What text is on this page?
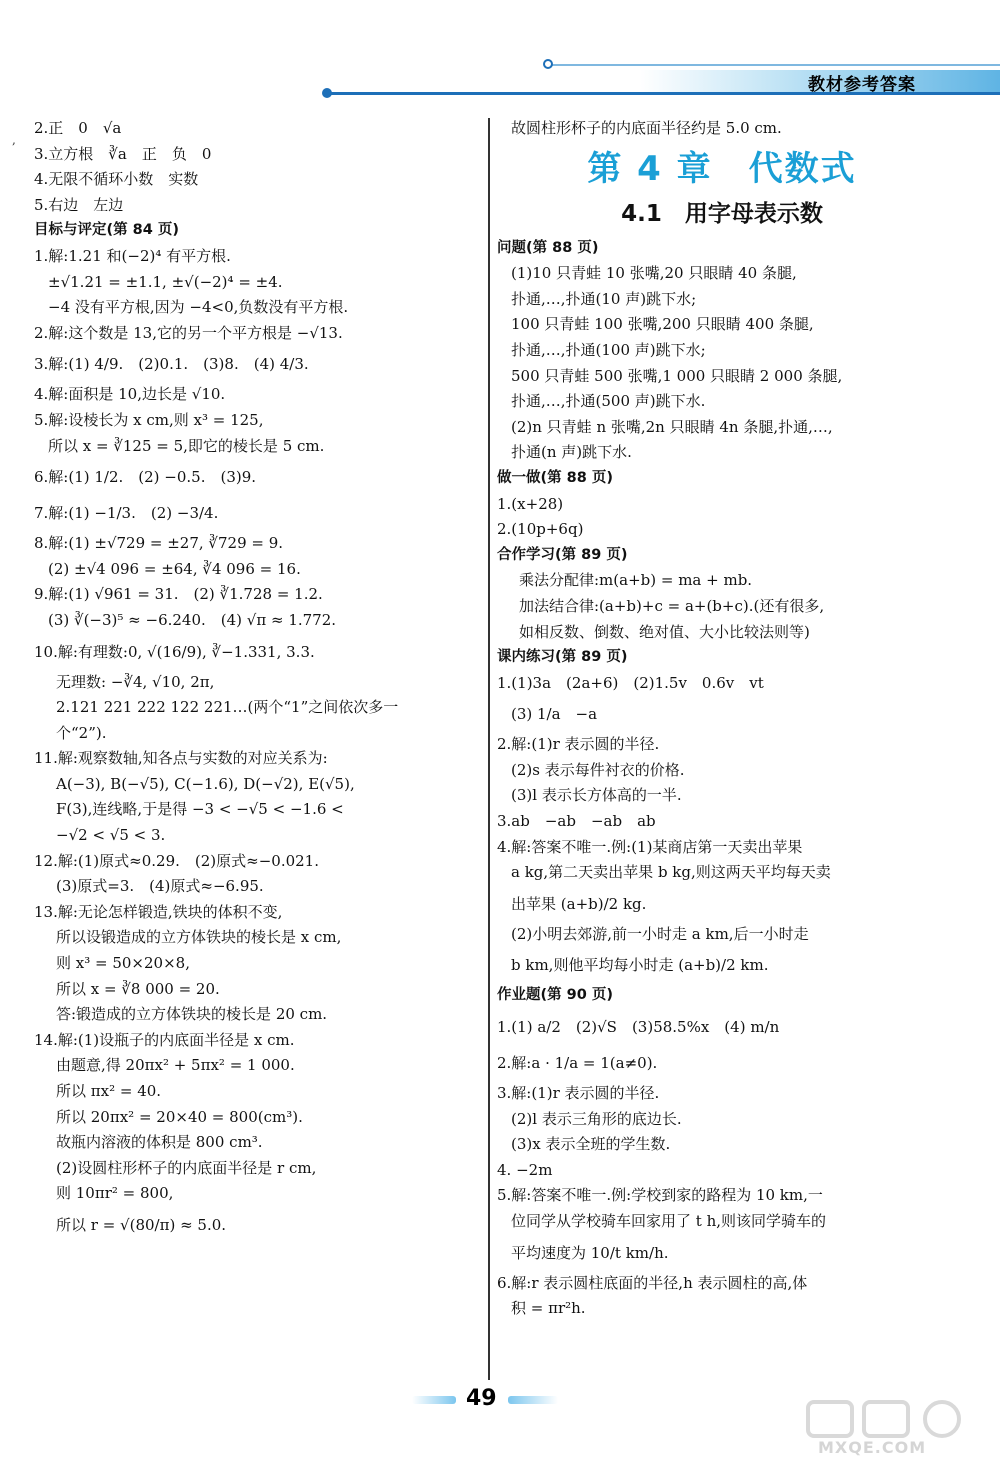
教材参考答案
,
2.正　0　√a
3.立方根　∛a　正　负　0
4.无限不循环小数　实数
5.右边　左边
目标与评定(第 84 页)
1.解:1.21 和(−2)⁴ 有平方根.
±√1.21 = ±1.1, ±√(−2)⁴ = ±4.
−4 没有平方根,因为 −4<0,负数没有平方根.
2.解:这个数是 13,它的另一个平方根是 −√13.
3.解:(1) 4/9.　(2)0.1.　(3)8.　(4) 4/3.
4.解:面积是 10,边长是 √10.
5.解:设棱长为 x cm,则 x³ = 125,
所以 x = ∛125 = 5,即它的棱长是 5 cm.
6.解:(1) 1/2.　(2) −0.5.　(3)9.
7.解:(1) −1/3.　(2) −3/4.
8.解:(1) ±√729 = ±27, ∛729 = 9.
(2) ±√4 096 = ±64, ∛4 096 = 16.
9.解:(1) √961 = 31.　(2) ∛1.728 = 1.2.
(3) ∛(−3)⁵ ≈ −6.240.　(4) √π ≈ 1.772.
10.解:有理数:0, √(16/9), ∛−1.331, 3.3.
无理数: −∛4, √10, 2π,
2.121 221 222 122 221…(两个“1”之间依次多一
个“2”).
11.解:观察数轴,知各点与实数的对应关系为:
A(−3), B(−√5), C(−1.6), D(−√2), E(√5),
F(3),连线略,于是得 −3 < −√5 < −1.6 <
−√2 < √5 < 3.
12.解:(1)原式≈0.29.　(2)原式≈−0.021.
(3)原式=3.　(4)原式≈−6.95.
13.解:无论怎样锻造,铁块的体积不变,
所以设锻造成的立方体铁块的棱长是 x cm,
则 x³ = 50×20×8,
所以 x = ∛8 000 = 20.
答:锻造成的立方体铁块的棱长是 20 cm.
14.解:(1)设瓶子的内底面半径是 x cm.
由题意,得 20πx² + 5πx² = 1 000.
所以 πx² = 40.
所以 20πx² = 20×40 = 800(cm³).
故瓶内溶液的体积是 800 cm³.
(2)设圆柱形杯子的内底面半径是 r cm,
则 10πr² = 800,
所以 r = √(80/π) ≈ 5.0.
故圆柱形杯子的内底面半径约是 5.0 cm.
第 4 章　代数式
4.1　用字母表示数
问题(第 88 页)
(1)10 只青蛙 10 张嘴,20 只眼睛 40 条腿,
扑通,…,扑通(10 声)跳下水;
100 只青蛙 100 张嘴,200 只眼睛 400 条腿,
扑通,…,扑通(100 声)跳下水;
500 只青蛙 500 张嘴,1 000 只眼睛 2 000 条腿,
扑通,…,扑通(500 声)跳下水.
(2)n 只青蛙 n 张嘴,2n 只眼睛 4n 条腿,扑通,…,
扑通(n 声)跳下水.
做一做(第 88 页)
1.(x+28)
2.(10p+6q)
合作学习(第 89 页)
乘法分配律:m(a+b) = ma + mb.
加法结合律:(a+b)+c = a+(b+c).(还有很多,
如相反数、倒数、绝对值、大小比较法则等)
课内练习(第 89 页)
1.(1)3a　(2a+6)　(2)1.5v　0.6v　vt
(3) 1/a　−a
2.解:(1)r 表示圆的半径.
(2)s 表示每件衬衣的价格.
(3)l 表示长方体高的一半.
3.ab　−ab　−ab　ab
4.解:答案不唯一.例:(1)某商店第一天卖出苹果
a kg,第二天卖出苹果 b kg,则这两天平均每天卖
出苹果 (a+b)/2 kg.
(2)小明去郊游,前一小时走 a km,后一小时走
b km,则他平均每小时走 (a+b)/2 km.
作业题(第 90 页)
1.(1) a/2　(2)√S　(3)58.5%x　(4) m/n
2.解:a · 1/a = 1(a≠0).
3.解:(1)r 表示圆的半径.
(2)l 表示三角形的底边长.
(3)x 表示全班的学生数.
4. −2m
5.解:答案不唯一.例:学校到家的路程为 10 km,一
位同学从学校骑车回家用了 t h,则该同学骑车的
平均速度为 10/t km/h.
6.解:r 表示圆柱底面的半径,h 表示圆柱的高,体
积 = πr²h.
49
MXQE.COM
